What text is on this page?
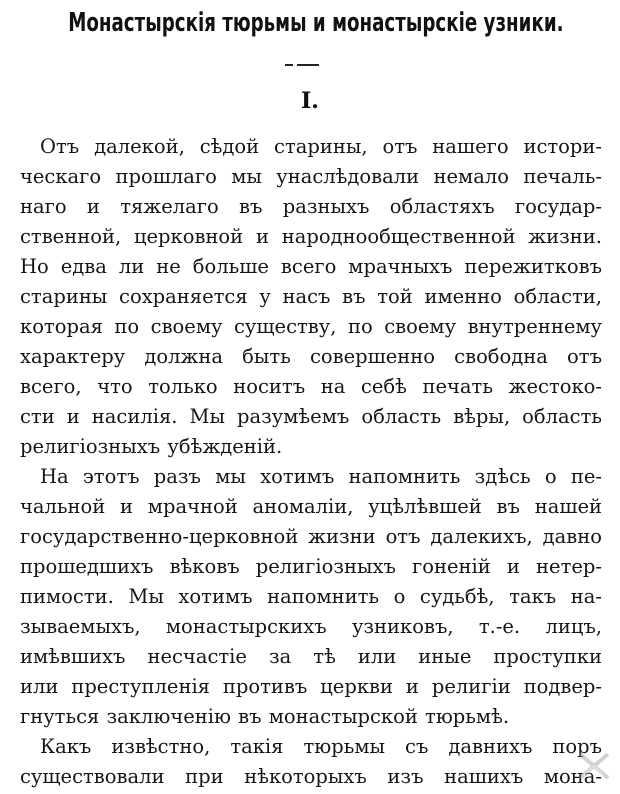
Монастырскія тюрьмы и монастырскіе узники.
I.
Отъ далекой, сѣдой старины, отъ нашего истори-
ческаго прошлаго мы унаслѣдовали немало печаль-
наго и тяжелаго въ разныхъ областяхъ государ-
ственной, церковной и народнообщественной жизни.
Но едва ли не больше всего мрачныхъ пережитковъ
старины сохраняется у насъ въ той именно области,
которая по своему существу, по своему внутреннему
характеру должна быть совершенно свободна отъ
всего, что только носитъ на себѣ печать жестоко-
сти и насилія. Мы разумѣемъ область вѣры, область
религіозныхъ убѣжденій.
На этотъ разъ мы хотимъ напомнить здѣсь о пе-
чальной и мрачной аномаліи, уцѣлѣвшей въ нашей
государственно-церковной жизни отъ далекихъ, давно
прошедшихъ вѣковъ религіозныхъ гоненій и нетер-
пимости. Мы хотимъ напомнить о судьбѣ, такъ на-
зываемыхъ, монастырскихъ узниковъ, т.-е. лицъ,
имѣвшихъ несчастіе за тѣ или иные проступки
или преступленія противъ церкви и религіи подвер-
гнуться заключенію въ монастырской тюрьмѣ.
Какъ извѣстно, такія тюрьмы съ давнихъ поръ
существовали при нѣкоторыхъ изъ нашихъ мона-
